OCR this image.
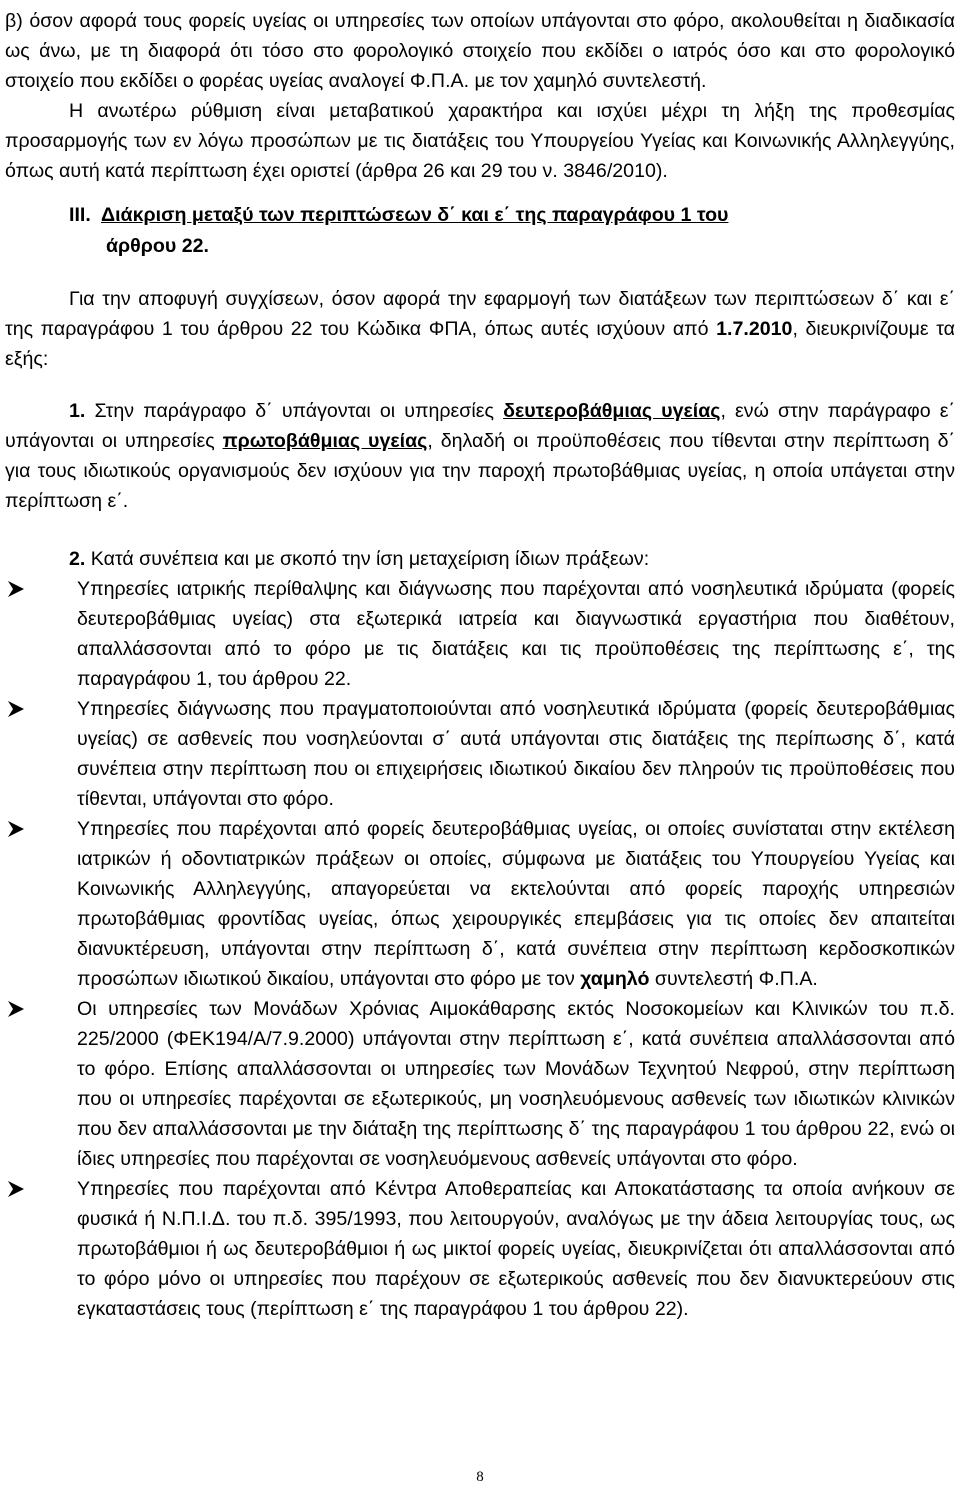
β) όσον αφορά τους φορείς υγείας οι υπηρεσίες των οποίων υπάγονται στο φόρο, ακολουθείται η διαδικασία ως άνω, με τη διαφορά ότι τόσο στο φορολογικό στοιχείο που εκδίδει ο ιατρός όσο και στο φορολογικό στοιχείο που εκδίδει ο φορέας υγείας αναλογεί Φ.Π.Α. με τον χαμηλό συντελεστή.

Η ανωτέρω ρύθμιση είναι μεταβατικού χαρακτήρα και ισχύει μέχρι τη λήξη της προθεσμίας προσαρμογής των εν λόγω προσώπων με τις διατάξεις του Υπουργείου Υγείας και Κοινωνικής Αλληλεγγύης, όπως αυτή κατά περίπτωση έχει οριστεί (άρθρα 26 και 29 του ν. 3846/2010).

III. Διάκριση μεταξύ των περιπτώσεων δ΄ και ε΄ της παραγράφου 1 του
άρθρου 22.

Για την αποφυγή συγχίσεων, όσον αφορά την εφαρμογή των διατάξεων των περιπτώσεων δ΄ και ε΄ της παραγράφου 1 του άρθρου 22 του Κώδικα ΦΠΑ, όπως αυτές ισχύουν από 1.7.2010, διευκρινίζουμε τα εξής:

1. Στην παράγραφο δ΄ υπάγονται οι υπηρεσίες δευτεροβάθμιας υγείας, ενώ στην παράγραφο ε΄ υπάγονται οι υπηρεσίες πρωτοβάθμιας υγείας, δηλαδή οι προϋποθέσεις που τίθενται στην περίπτωση δ΄ για τους ιδιωτικούς οργανισμούς δεν ισχύουν για την παροχή πρωτοβάθμιας υγείας, η οποία υπάγεται στην περίπτωση ε΄.

2. Κατά συνέπεια και με σκοπό την ίση μεταχείριση ίδιων πράξεων:

Υπηρεσίες ιατρικής περίθαλψης και διάγνωσης που παρέχονται από νοσηλευτικά ιδρύματα (φορείς δευτεροβάθμιας υγείας) στα εξωτερικά ιατρεία και διαγνωστικά εργαστήρια που διαθέτουν, απαλλάσσονται από το φόρο με τις διατάξεις και τις προϋποθέσεις της περίπτωσης ε΄, της παραγράφου 1, του άρθρου 22.
Υπηρεσίες διάγνωσης που πραγματοποιούνται από νοσηλευτικά ιδρύματα (φορείς δευτεροβάθμιας υγείας) σε ασθενείς που νοσηλεύονται σ΄ αυτά υπάγονται στις διατάξεις της περίπωσης δ΄, κατά συνέπεια στην περίπτωση που οι επιχειρήσεις ιδιωτικού δικαίου δεν πληρούν τις προϋποθέσεις που τίθενται, υπάγονται στο φόρο.
Υπηρεσίες που παρέχονται από φορείς δευτεροβάθμιας υγείας, οι οποίες συνίσταται στην εκτέλεση ιατρικών ή οδοντιατρικών πράξεων οι οποίες, σύμφωνα με διατάξεις του Υπουργείου Υγείας και Κοινωνικής Αλληλεγγύης, απαγορεύεται να εκτελούνται από φορείς παροχής υπηρεσιών πρωτοβάθμιας φροντίδας υγείας, όπως χειρουργικές επεμβάσεις για τις οποίες δεν απαιτείται διανυκτέρευση, υπάγονται στην περίπτωση δ΄, κατά συνέπεια στην περίπτωση κερδοσκοπικών προσώπων ιδιωτικού δικαίου, υπάγονται στο φόρο με τον χαμηλό συντελεστή Φ.Π.Α.
Οι υπηρεσίες των Μονάδων Χρόνιας Αιμοκάθαρσης εκτός Νοσοκομείων και Κλινικών του π.δ. 225/2000 (ΦΕΚ194/Α/7.9.2000) υπάγονται στην περίπτωση ε΄, κατά συνέπεια απαλλάσσονται από το φόρο. Επίσης απαλλάσσονται οι υπηρεσίες των Μονάδων Τεχνητού Νεφρού, στην περίπτωση που οι υπηρεσίες παρέχονται σε εξωτερικούς, μη νοσηλευόμενους ασθενείς των ιδιωτικών κλινικών που δεν απαλλάσσονται με την διάταξη της περίπτωσης δ΄ της παραγράφου 1 του άρθρου 22, ενώ οι ίδιες υπηρεσίες που παρέχονται σε νοσηλευόμενους ασθενείς υπάγονται στο φόρο.
Υπηρεσίες που παρέχονται από Κέντρα Αποθεραπείας και Αποκατάστασης τα οποία ανήκουν σε φυσικά ή Ν.Π.Ι.Δ. του π.δ. 395/1993, που λειτουργούν, αναλόγως με την άδεια λειτουργίας τους, ως πρωτοβάθμιοι ή ως δευτεροβάθμιοι ή ως μικτοί φορείς υγείας, διευκρινίζεται ότι απαλλάσσονται από το φόρο μόνο οι υπηρεσίες που παρέχουν σε εξωτερικούς ασθενείς που δεν διανυκτερεύουν στις εγκαταστάσεις τους (περίπτωση ε΄ της παραγράφου 1 του άρθρου 22).
8
